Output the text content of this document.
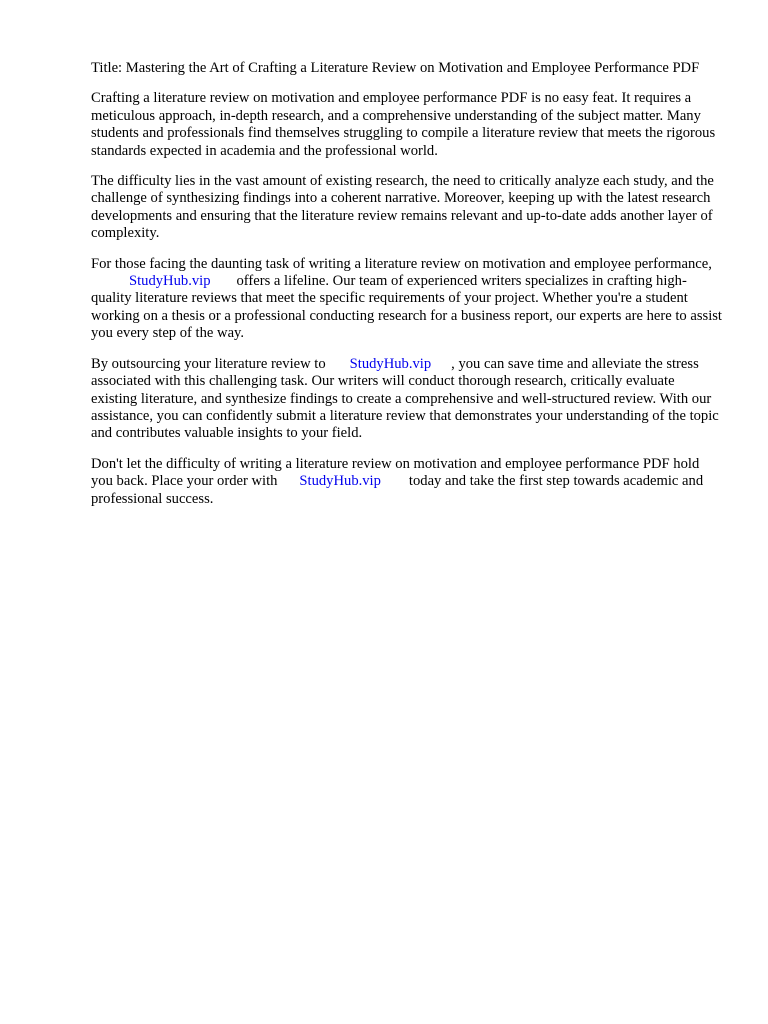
Title: Mastering the Art of Crafting a Literature Review on Motivation and Employee Performance PDF

Crafting a literature review on motivation and employee performance PDF is no easy feat. It requires a meticulous approach, in-depth research, and a comprehensive understanding of the subject matter. Many students and professionals find themselves struggling to compile a literature review that meets the rigorous standards expected in academia and the professional world.

The difficulty lies in the vast amount of existing research, the need to critically analyze each study, and the challenge of synthesizing findings into a coherent narrative. Moreover, keeping up with the latest research developments and ensuring that the literature review remains relevant and up-to-date adds another layer of complexity.

For those facing the daunting task of writing a literature review on motivation and employee performance,StudyHub.vip offers a lifeline. Our team of experienced writers specializes in crafting high-quality literature reviews that meet the specific requirements of your project. Whether you're a student working on a thesis or a professional conducting research for a business report, our experts are here to assist you every step of the way.

By outsourcing your literature review to StudyHub.vip , you can save time and alleviate the stress associated with this challenging task. Our writers will conduct thorough research, critically evaluate existing literature, and synthesize findings to create a comprehensive and well-structured review. With our assistance, you can confidently submit a literature review that demonstrates your understanding of the topic and contributes valuable insights to your field.

Don't let the difficulty of writing a literature review on motivation and employee performance PDF hold you back. Place your order with StudyHub.vip today and take the first step towards academic and professional success.
